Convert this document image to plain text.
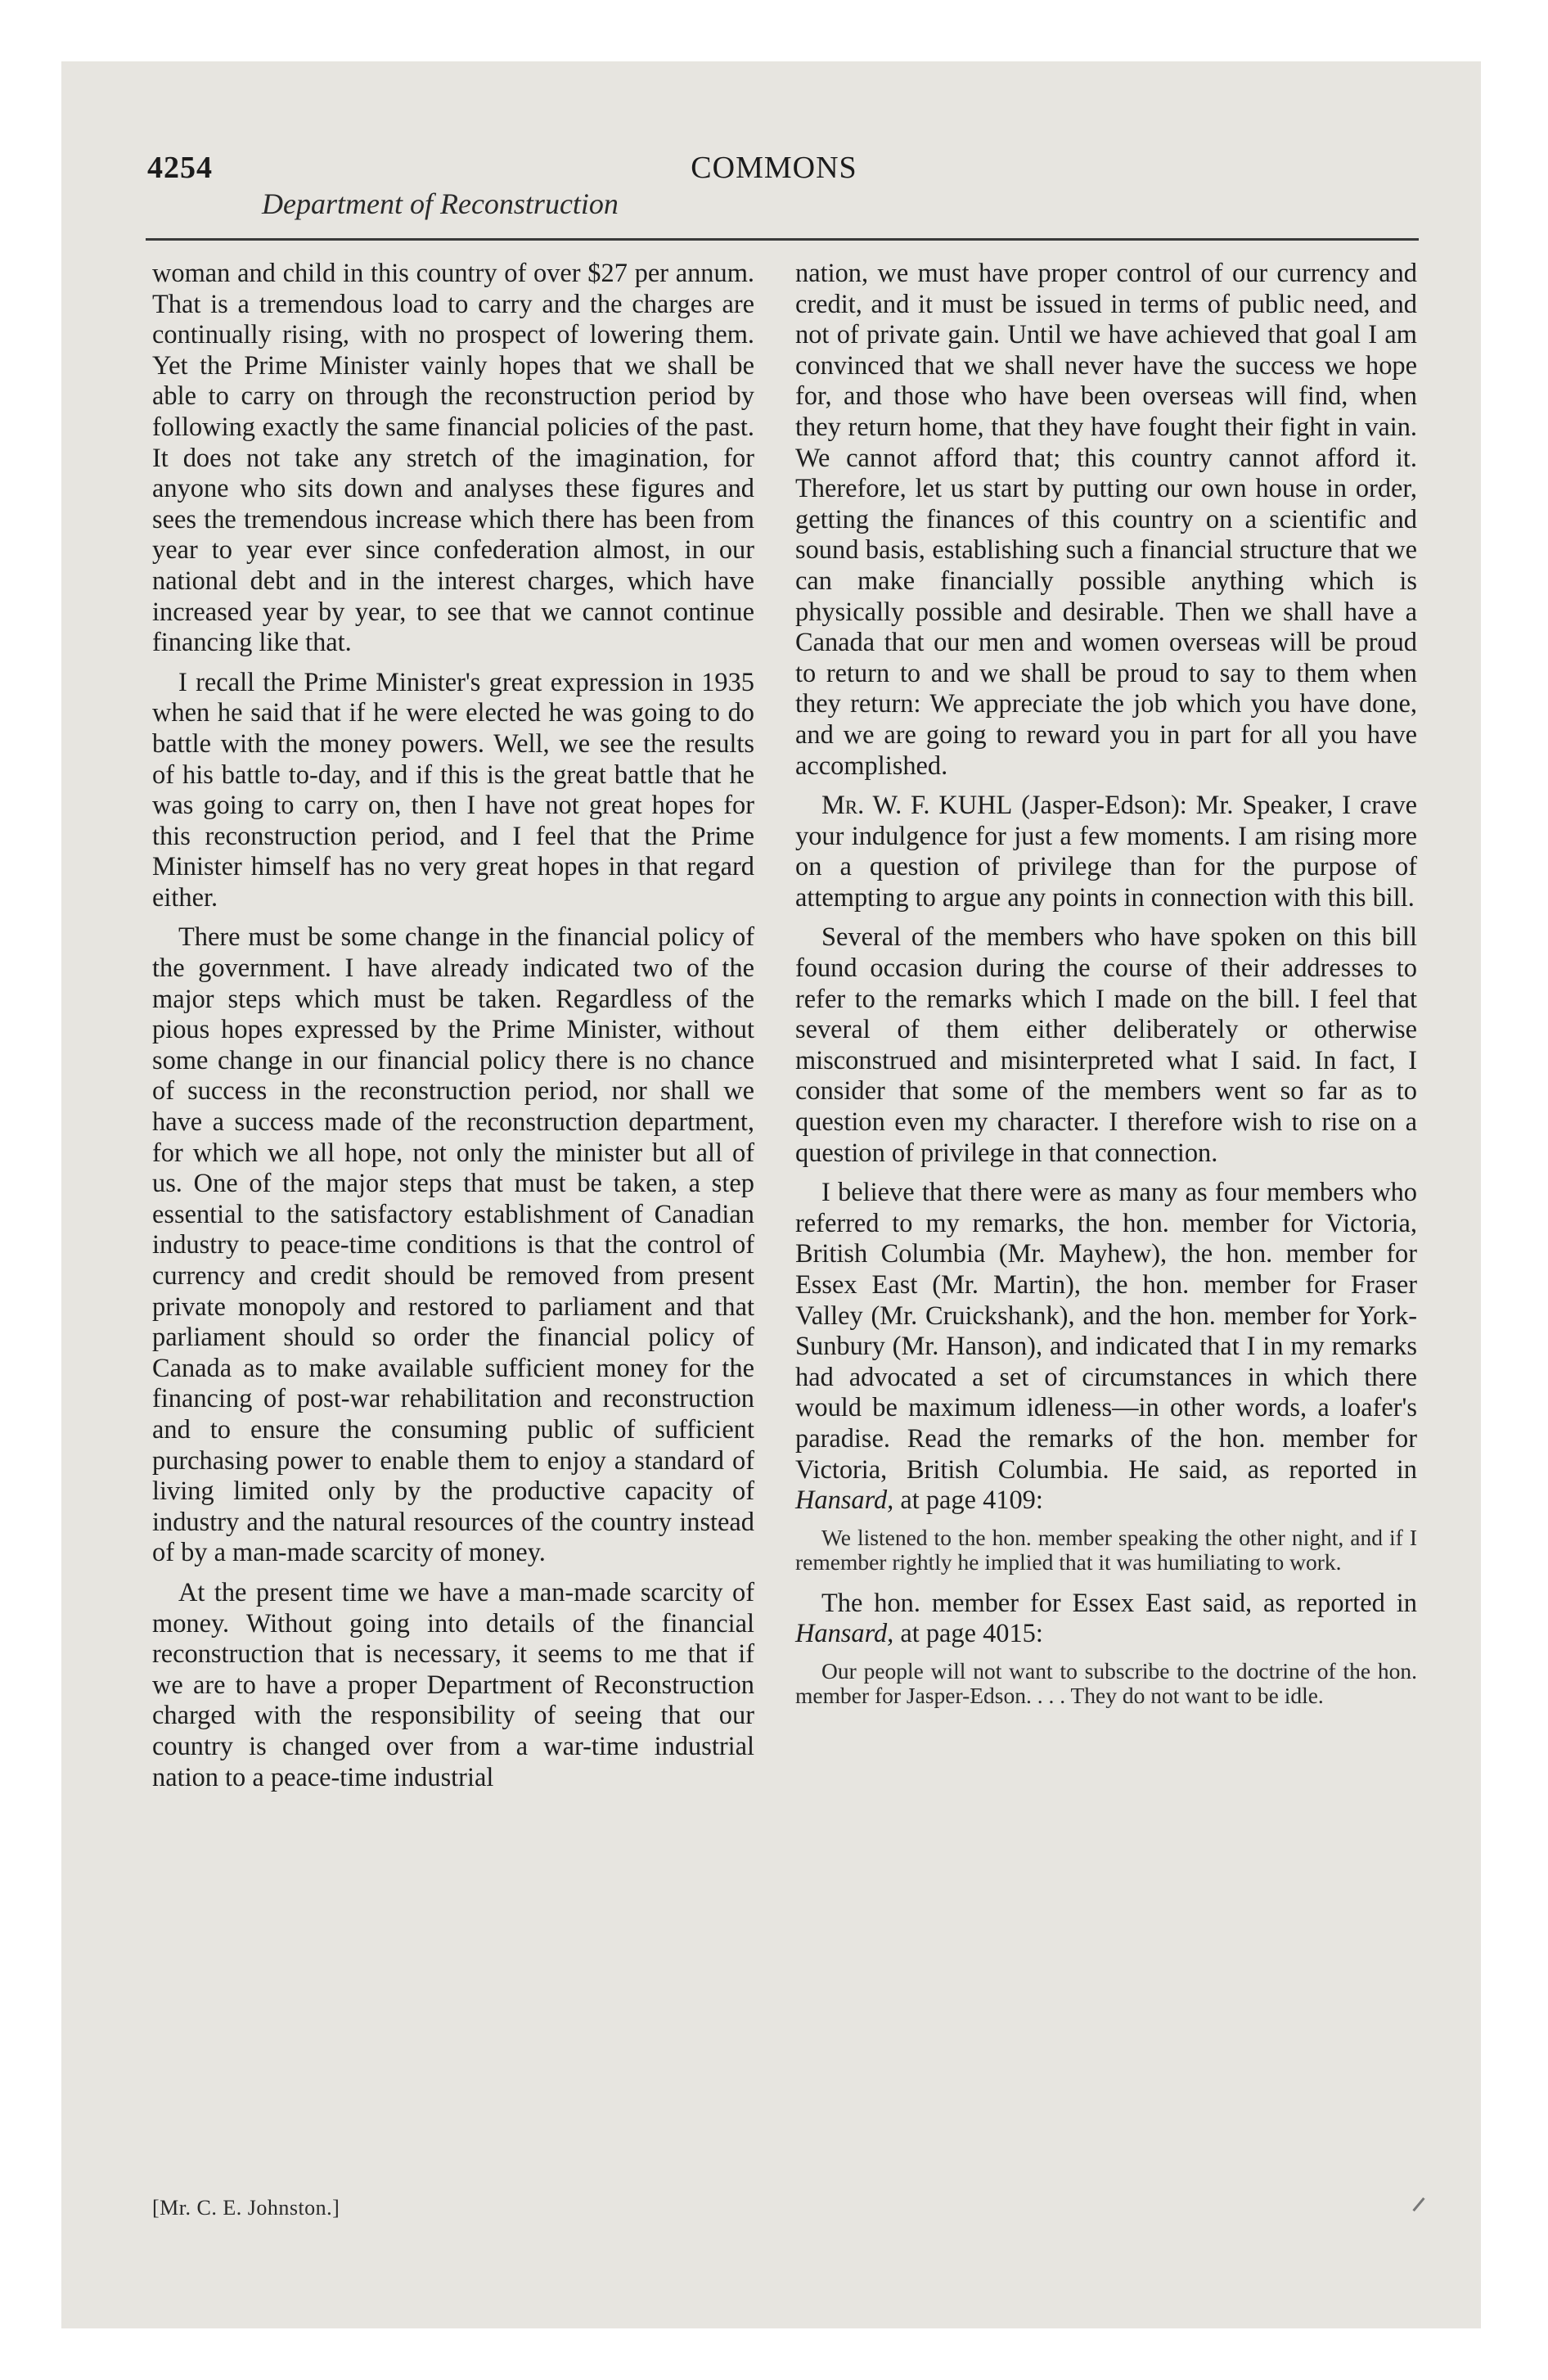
4254	COMMONS
Department of Reconstruction

woman and child in this country of over $27 per annum. That is a tremendous load to carry and the charges are continually rising, with no prospect of lowering them. Yet the Prime Minister vainly hopes that we shall be able to carry on through the reconstruction period by following exactly the same financial policies of the past. It does not take any stretch of the imagination, for anyone who sits down and analyses these figures and sees the tremendous increase which there has been from year to year ever since confederation almost, in our national debt and in the interest charges, which have increased year by year, to see that we cannot continue financing like that.

I recall the Prime Minister's great expression in 1935 when he said that if he were elected he was going to do battle with the money powers. Well, we see the results of his battle to-day, and if this is the great battle that he was going to carry on, then I have not great hopes for this reconstruction period, and I feel that the Prime Minister himself has no very great hopes in that regard either.

There must be some change in the financial policy of the government. I have already indicated two of the major steps which must be taken. Regardless of the pious hopes expressed by the Prime Minister, without some change in our financial policy there is no chance of success in the reconstruction period, nor shall we have a success made of the reconstruction department, for which we all hope, not only the minister but all of us. One of the major steps that must be taken, a step essential to the satisfactory establishment of Canadian industry to peace-time conditions is that the control of currency and credit should be removed from present private monopoly and restored to parliament and that parliament should so order the financial policy of Canada as to make available sufficient money for the financing of post-war rehabilitation and reconstruction and to ensure the consuming public of sufficient purchasing power to enable them to enjoy a standard of living limited only by the productive capacity of industry and the natural resources of the country instead of by a man-made scarcity of money.

At the present time we have a man-made scarcity of money. Without going into details of the financial reconstruction that is necessary, it seems to me that if we are to have a proper Department of Reconstruction charged with the responsibility of seeing that our country is changed over from a war-time industrial nation to a peace-time industrial

[Mr. C. E. Johnston.]

nation, we must have proper control of our currency and credit, and it must be issued in terms of public need, and not of private gain. Until we have achieved that goal I am convinced that we shall never have the success we hope for, and those who have been overseas will find, when they return home, that they have fought their fight in vain. We cannot afford that; this country cannot afford it. Therefore, let us start by putting our own house in order, getting the finances of this country on a scientific and sound basis, establishing such a financial structure that we can make financially possible anything which is physically possible and desirable. Then we shall have a Canada that our men and women overseas will be proud to return to and we shall be proud to say to them when they return: We appreciate the job which you have done, and we are going to reward you in part for all you have accomplished.

Mr. W. F. KUHL (Jasper-Edson): Mr. Speaker, I crave your indulgence for just a few moments. I am rising more on a question of privilege than for the purpose of attempting to argue any points in connection with this bill.

Several of the members who have spoken on this bill found occasion during the course of their addresses to refer to the remarks which I made on the bill. I feel that several of them either deliberately or otherwise misconstrued and misinterpreted what I said. In fact, I consider that some of the members went so far as to question even my character. I therefore wish to rise on a question of privilege in that connection.

I believe that there were as many as four members who referred to my remarks, the hon. member for Victoria, British Columbia (Mr. Mayhew), the hon. member for Essex East (Mr. Martin), the hon. member for Fraser Valley (Mr. Cruickshank), and the hon. member for York-Sunbury (Mr. Hanson), and indicated that I in my remarks had advocated a set of circumstances in which there would be maximum idleness—in other words, a loafer's paradise. Read the remarks of the hon. member for Victoria, British Columbia. He said, as reported in Hansard, at page 4109:

We listened to the hon. member speaking the other night, and if I remember rightly he implied that it was humiliating to work.

The hon. member for Essex East said, as reported in Hansard, at page 4015:

Our people will not want to subscribe to the doctrine of the hon. member for Jasper-Edson. . . . They do not want to be idle.
